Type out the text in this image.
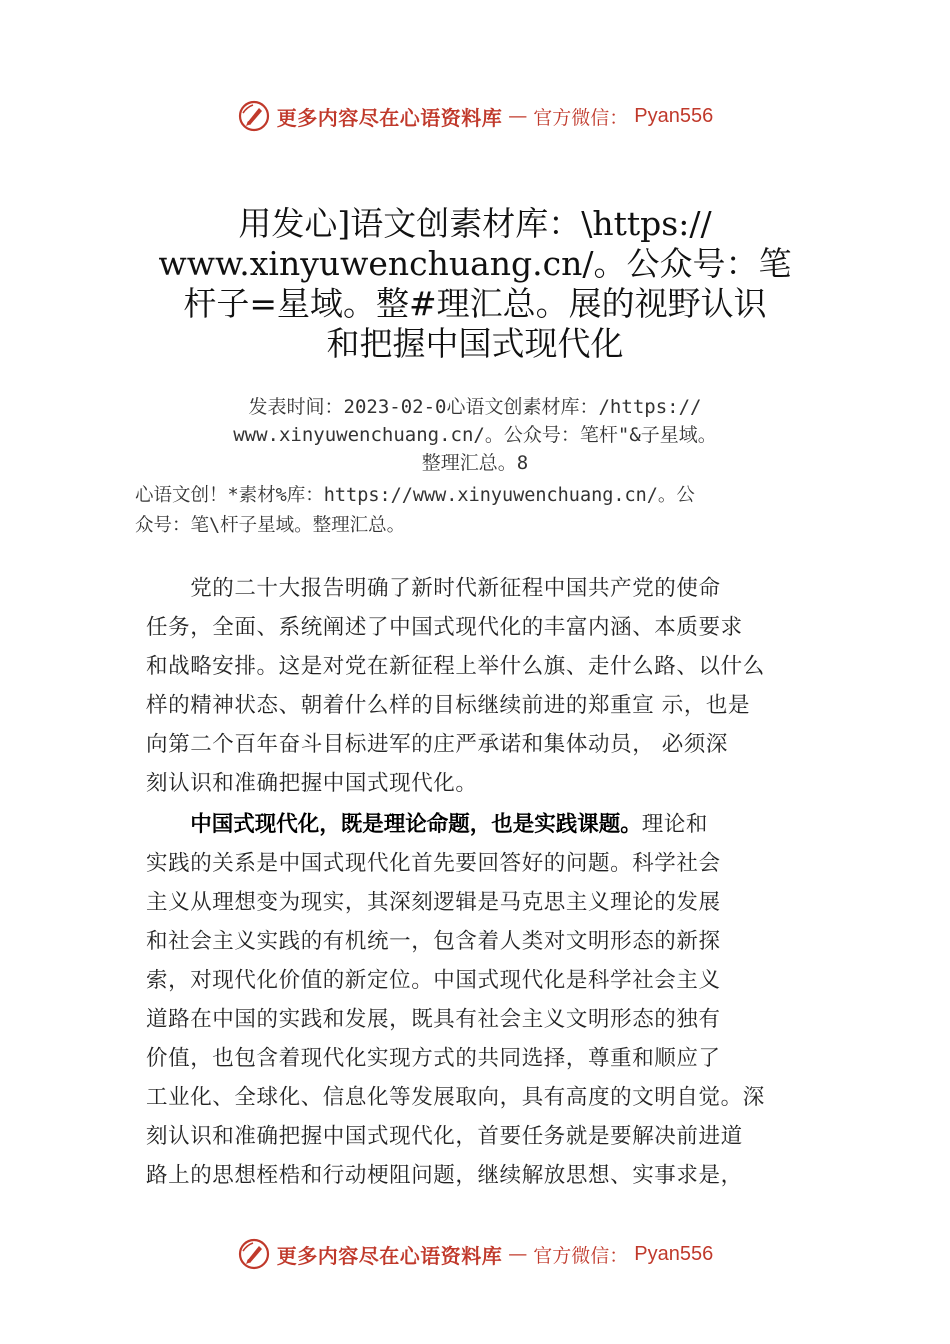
更多内容尽在心语资料库 — 官方微信： Pyan556
用发心]语文创素材库：\https://
www.xinyuwenchuang.cn/。公众号：笔
杆子=星域。整#理汇总。展的视野认识
和把握中国式现代化
发表时间：2023-02-0心语文创素材库：/https://
www.xinyuwenchuang.cn/。公众号：笔杆"&子星域。
整理汇总。8
心语文创！*素材%库：https://www.xinyuwenchuang.cn/。公
众号：笔\杆子星域。整理汇总。
　　党的二十大报告明确了新时代新征程中国共产党的使命
任务，全面、系统阐述了中国式现代化的丰富内涵、本质要求
和战略安排。这是对党在新征程上举什么旗、走什么路、以什么
样的精神状态、朝着什么样的目标继续前进的郑重宣 示，也是
向第二个百年奋斗目标进军的庄严承诺和集体动员， 必须深
刻认识和准确把握中国式现代化。
　　中国式现代化，既是理论命题，也是实践课题。理论和
实践的关系是中国式现代化首先要回答好的问题。科学社会
主义从理想变为现实，其深刻逻辑是马克思主义理论的发展
和社会主义实践的有机统一，包含着人类对文明形态的新探
索，对现代化价值的新定位。中国式现代化是科学社会主义
道路在中国的实践和发展，既具有社会主义文明形态的独有
价值，也包含着现代化实现方式的共同选择，尊重和顺应了
工业化、全球化、信息化等发展取向，具有高度的文明自觉。深
刻认识和准确把握中国式现代化，首要任务就是要解决前进道
路上的思想桎梏和行动梗阻问题，继续解放思想、实事求是，
更多内容尽在心语资料库 — 官方微信： Pyan556
